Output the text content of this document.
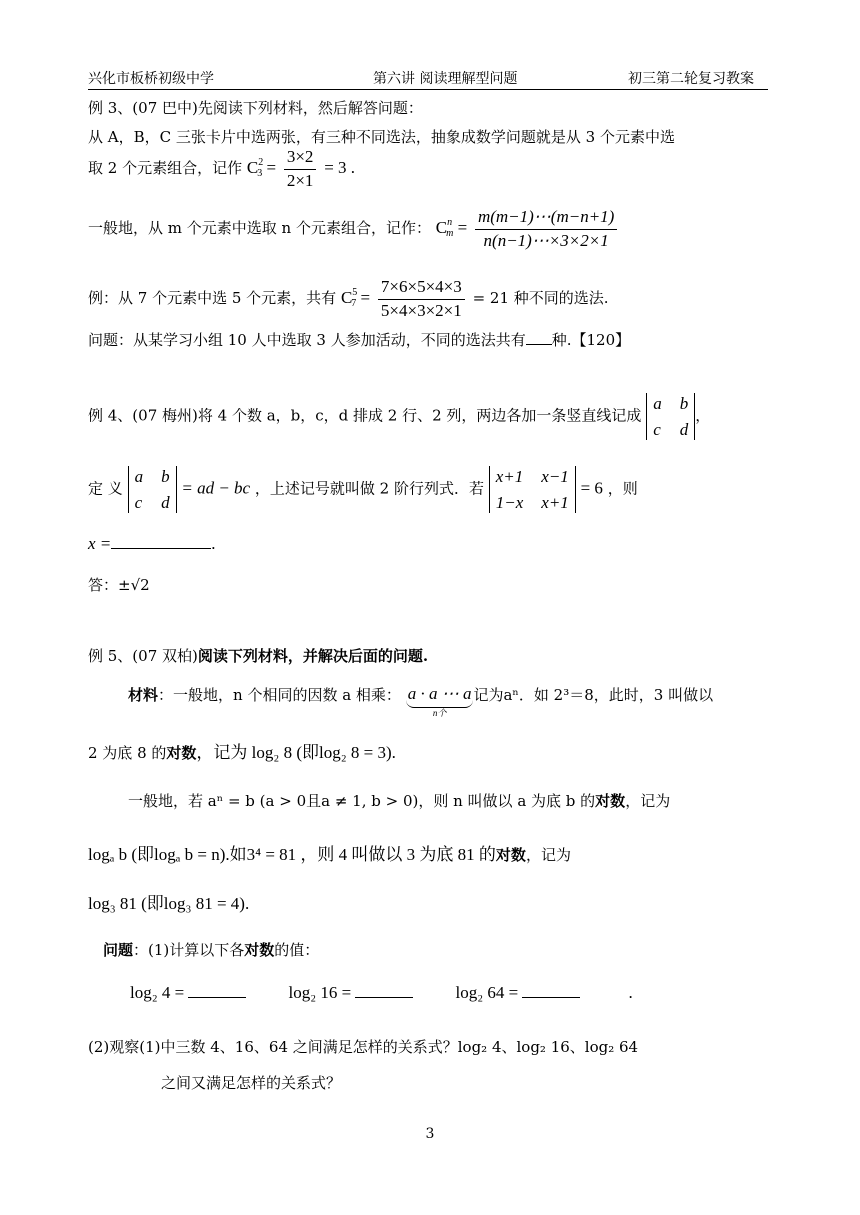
兴化市板桥初级中学	第六讲 阅读理解型问题	初三第二轮复习教案
例 3、(07 巴中)先阅读下列材料，然后解答问题：
从 A，B，C 三张卡片中选两张，有三种不同选法，抽象成数学问题就是从 3 个元素中选
取 2 个元素组合，记作 $C^2_3 = \frac{3\times 2}{2\times 1} = 3$ .
一般地，从 m 个元素中选取 n 个元素组合，记作： $C^n_m = \frac{m(m-1)\cdots(m-n+1)}{n(n-1)\cdots\times 3\times 2\times 1}$
例：从 7 个元素中选 5 个元素，共有 $C^5_7 = \frac{7\times 6\times 5\times 4\times 3}{5\times 4\times 3\times 2\times 1} = 21$ 种不同的选法.
问题：从某学习小组 10 人中选取 3 人参加活动，不同的选法共有 种.【120】
例 4、(07 梅州)将 4 个数 a，b，c，d 排成 2 行、2 列，两边各加一条竖直线记成
a b
c d
，
定 义
a b
c d
= ad − bc ，上述记号就叫做 2 阶行列式．若
x+1 x−1
1−x x+1
= 6 ，则
x =	.
答：±√2
例 5、(07 双柏)阅读下列材料，并解决后面的问题.
材料：一般地，n 个相同的因数 a 相乘： a · a ⋯ a
n个
记为aⁿ．如 2³＝8，此时，3 叫做以
2 为底 8 的对数，记为 log₂ 8 (即log₂ 8 = 3).
一般地，若 aⁿ = b (a > 0且a ≠ 1, b > 0)，则 n 叫做以 a 为底 b 的对数，记为
logₐ b (即logₐ b = n).如3⁴ = 81 ，则 4 叫做以 3 为底 81 的对数，记为
log₃ 81 (即log₃ 81 = 4).
问题：(1)计算以下各对数的值：
log₂ 4 =	log₂ 16 =	log₂ 64 =	.
(2)观察(1)中三数 4、16、64 之间满足怎样的关系式？log₂ 4、log₂ 16、log₂ 64
之间又满足怎样的关系式？
3
